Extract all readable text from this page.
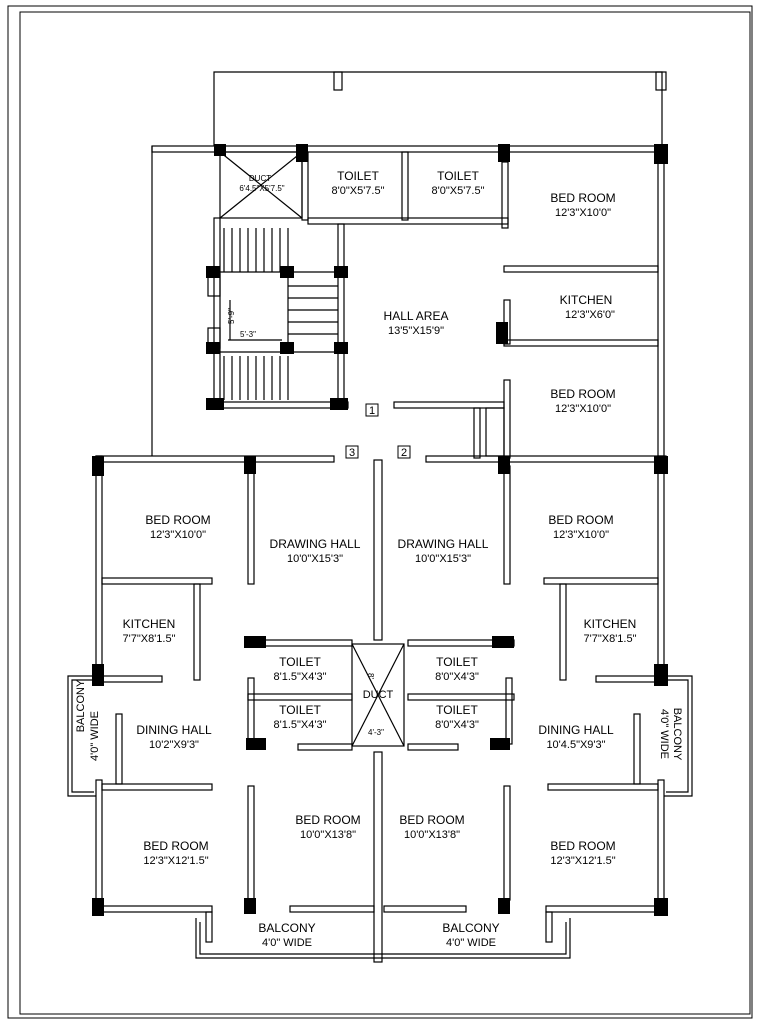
1
2
3
DUCT
6'4.5"X5'7.5"
TOILET
8'0"X5'7.5"
TOILET
8'0"X5'7.5"	BED ROOM
12'3"X10'0"
KITCHEN
12'3"X6'0"
HALL AREA
13'5"X15'9"
BED ROOM
12'3"X10'0"
BED ROOM
12'3"X10'0"
DRAWING HALL
10'0"X15'3"
DRAWING HALL
10'0"X15'3"
BED ROOM
12'3"X10'0"
KITCHEN
7'7"X8'1.5"
KITCHEN
7'7"X8'1.5"
TOILET
8'1.5"X4'3"
TOILET
8'1.5"X4'3"
TOILET
8'0"X4'3"
TOILET
8'0"X4'3"
DUCT
4'-3"
8'
BALCONY
4'0" WIDE	BALCONY
4'0" WIDE
DINING HALL
10'2"X9'3"
DINING HALL
10'4.5"X9'3"
BED ROOM
10'0"X13'8"
BED ROOM
10'0"X13'8"
BED ROOM
12'3"X12'1.5"
BED ROOM
12'3"X12'1.5"
BALCONY
4'0" WIDE
BALCONY
4'0" WIDE
5'-9"
5'-3"
